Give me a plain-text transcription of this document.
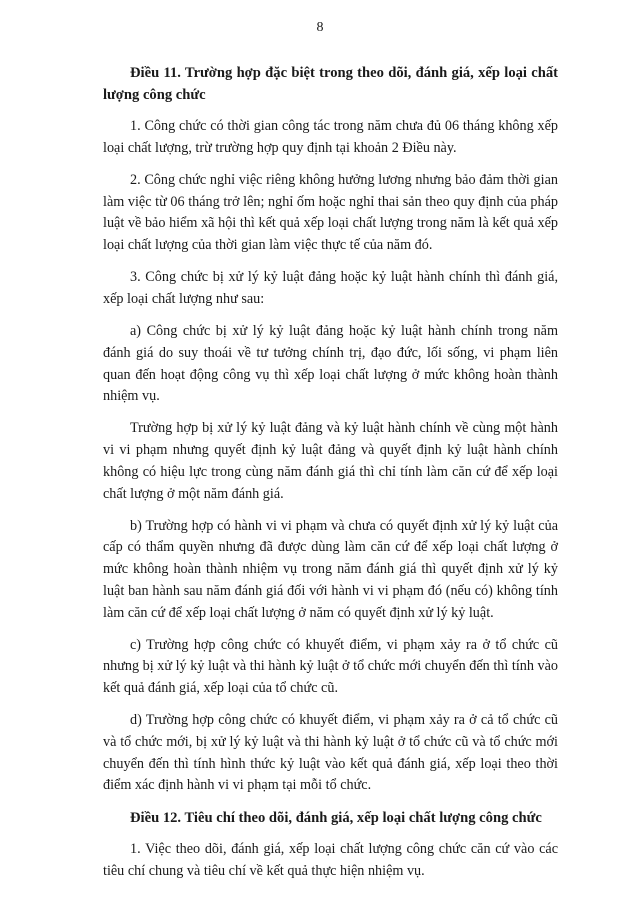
8

Điều 11. Trường hợp đặc biệt trong theo dõi, đánh giá, xếp loại chất lượng công chức

1. Công chức có thời gian công tác trong năm chưa đủ 06 tháng không xếp loại chất lượng, trừ trường hợp quy định tại khoản 2 Điều này.

2. Công chức nghỉ việc riêng không hưởng lương nhưng bảo đảm thời gian làm việc từ 06 tháng trở lên; nghỉ ốm hoặc nghỉ thai sản theo quy định của pháp luật về bảo hiểm xã hội thì kết quả xếp loại chất lượng trong năm là kết quả xếp loại chất lượng của thời gian làm việc thực tế của năm đó.

3. Công chức bị xử lý kỷ luật đảng hoặc kỷ luật hành chính thì đánh giá, xếp loại chất lượng như sau:

a) Công chức bị xử lý kỷ luật đảng hoặc kỷ luật hành chính trong năm đánh giá do suy thoái về tư tưởng chính trị, đạo đức, lối sống, vi phạm liên quan đến hoạt động công vụ thì xếp loại chất lượng ở mức không hoàn thành nhiệm vụ.

Trường hợp bị xử lý kỷ luật đảng và kỷ luật hành chính về cùng một hành vi vi phạm nhưng quyết định kỷ luật đảng và quyết định kỷ luật hành chính không có hiệu lực trong cùng năm đánh giá thì chỉ tính làm căn cứ để xếp loại chất lượng ở một năm đánh giá.

b) Trường hợp có hành vi vi phạm và chưa có quyết định xử lý kỷ luật của cấp có thẩm quyền nhưng đã được dùng làm căn cứ để xếp loại chất lượng ở mức không hoàn thành nhiệm vụ trong năm đánh giá thì quyết định xử lý kỷ luật ban hành sau năm đánh giá đối với hành vi vi phạm đó (nếu có) không tính làm căn cứ để xếp loại chất lượng ở năm có quyết định xử lý kỷ luật.

c) Trường hợp công chức có khuyết điểm, vi phạm xảy ra ở tổ chức cũ nhưng bị xử lý kỷ luật và thi hành kỷ luật ở tổ chức mới chuyển đến thì tính vào kết quả đánh giá, xếp loại của tổ chức cũ.

d) Trường hợp công chức có khuyết điểm, vi phạm xảy ra ở cả tổ chức cũ và tổ chức mới, bị xử lý kỷ luật và thi hành kỷ luật ở tổ chức cũ và tổ chức mới chuyển đến thì tính hình thức kỷ luật vào kết quả đánh giá, xếp loại theo thời điểm xác định hành vi vi phạm tại mỗi tổ chức.

Điều 12. Tiêu chí theo dõi, đánh giá, xếp loại chất lượng công chức

1. Việc theo dõi, đánh giá, xếp loại chất lượng công chức căn cứ vào các tiêu chí chung và tiêu chí về kết quả thực hiện nhiệm vụ.
